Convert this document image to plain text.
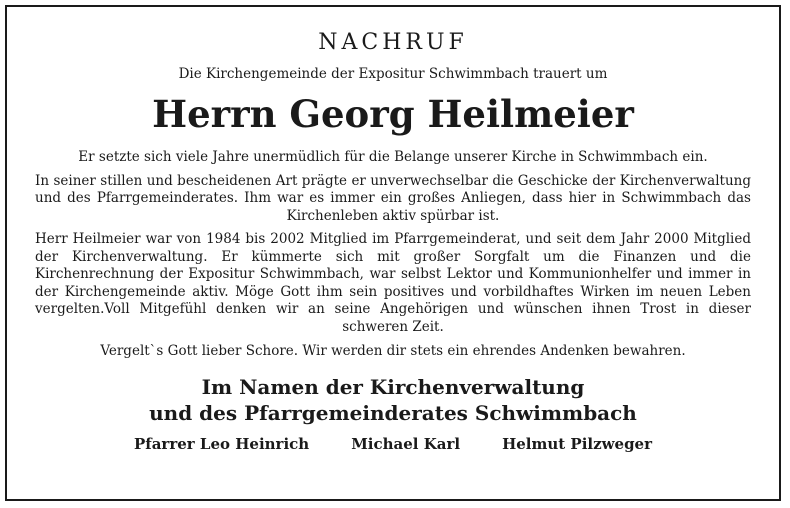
NACHRUF
Die Kirchengemeinde der Expositur Schwimmbach trauert um
Herrn Georg Heilmeier
Er setzte sich viele Jahre unermüdlich für die Belange unserer Kirche in Schwimmbach ein.
In seiner stillen und bescheidenen Art prägte er unverwechselbar die Geschicke der Kirchenverwaltung und des Pfarrgemeinderates. Ihm war es immer ein großes Anliegen, dass hier in Schwimmbach das Kirchenleben aktiv spürbar ist.
Herr Heilmeier war von 1984 bis 2002 Mitglied im Pfarrgemeinderat, und seit dem Jahr 2000 Mitglied der Kirchenverwaltung. Er kümmerte sich mit großer Sorgfalt um die Finanzen und die Kirchenrechnung der Expositur Schwimmbach, war selbst Lektor und Kommunionhelfer und immer in der Kirchengemeinde aktiv. Möge Gott ihm sein positives und vorbildhaftes Wirken im neuen Leben vergelten.Voll Mitgefühl denken wir an seine Angehörigen und wünschen ihnen Trost in dieser schweren Zeit.
Vergelt`s Gott lieber Schore. Wir werden dir stets ein ehrendes Andenken bewahren.
Im Namen der Kirchenverwaltung
und des Pfarrgemeinderates Schwimmbach
Pfarrer Leo Heinrich	Michael Karl	Helmut Pilzweger
